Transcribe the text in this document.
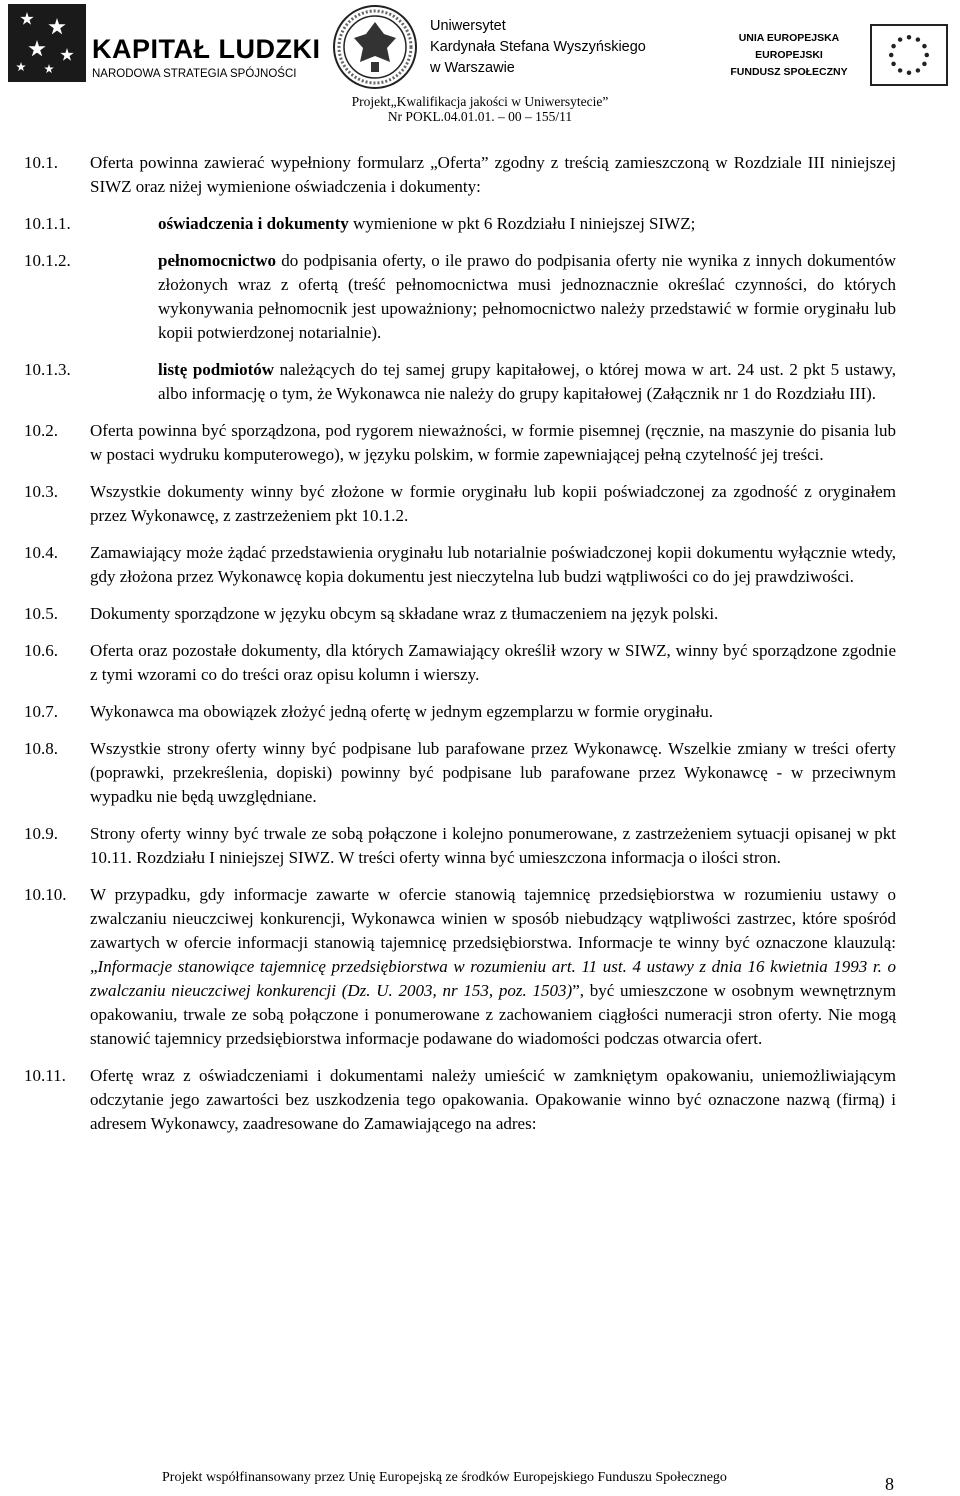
KAPITAŁ LUDZKI
NARODOWA STRATEGIA SPÓJNOŚCI
Uniwersytet
Kardynała Stefana Wyszyńskiego
w Warszawie
UNIA EUROPEJSKA
EUROPEJSKI
FUNDUSZ SPOŁECZNY
Projekt„Kwalifikacja jakości w Uniwersytecie”
Nr POKL.04.01.01. – 00 – 155/11
10.1. Oferta powinna zawierać wypełniony formularz „Oferta” zgodny z treścią zamieszczoną w Rozdziale III niniejszej SIWZ oraz niżej wymienione oświadczenia i dokumenty:
10.1.1.	oświadczenia i dokumenty wymienione w pkt 6 Rozdziału I niniejszej SIWZ;
10.1.2.	pełnomocnictwo do podpisania oferty, o ile prawo do podpisania oferty nie wynika z innych dokumentów złożonych wraz z ofertą (treść pełnomocnictwa musi jednoznacznie określać czynności, do których wykonywania pełnomocnik jest upoważniony; pełnomocnictwo należy przedstawić w formie oryginału lub kopii potwierdzonej notarialnie).
10.1.3.	listę podmiotów należących do tej samej grupy kapitałowej, o której mowa w art. 24 ust. 2 pkt 5 ustawy, albo informację o tym, że Wykonawca nie należy do grupy kapitałowej (Załącznik nr 1 do Rozdziału III).
10.2. Oferta powinna być sporządzona, pod rygorem nieważności, w formie pisemnej (ręcznie, na maszynie do pisania lub w postaci wydruku komputerowego), w języku polskim, w formie zapewniającej pełną czytelność jej treści.
10.3. Wszystkie dokumenty winny być złożone w formie oryginału lub kopii poświadczonej za zgodność z oryginałem przez Wykonawcę, z zastrzeżeniem pkt 10.1.2.
10.4. Zamawiający może żądać przedstawienia oryginału lub notarialnie poświadczonej kopii dokumentu wyłącznie wtedy, gdy złożona przez Wykonawcę kopia dokumentu jest nieczytelna lub budzi wątpliwości co do jej prawdziwości.
10.5. Dokumenty sporządzone w języku obcym są składane wraz z tłumaczeniem na język polski.
10.6. Oferta oraz pozostałe dokumenty, dla których Zamawiający określił wzory w SIWZ, winny być sporządzone zgodnie z tymi wzorami co do treści oraz opisu kolumn i wierszy.
10.7. Wykonawca ma obowiązek złożyć jedną ofertę w jednym egzemplarzu w formie oryginału.
10.8. Wszystkie strony oferty winny być podpisane lub parafowane przez Wykonawcę. Wszelkie zmiany w treści oferty (poprawki, przekreślenia, dopiski) powinny być podpisane lub parafowane przez Wykonawcę - w przeciwnym wypadku nie będą uwzględniane.
10.9. Strony oferty winny być trwale ze sobą połączone i kolejno ponumerowane, z zastrzeżeniem sytuacji opisanej w pkt 10.11. Rozdziału I niniejszej SIWZ. W treści oferty winna być umieszczona informacja o ilości stron.
10.10. W przypadku, gdy informacje zawarte w ofercie stanowią tajemnicę przedsiębiorstwa w rozumieniu ustawy o zwalczaniu nieuczciwej konkurencji, Wykonawca winien w sposób niebudzący wątpliwości zastrzec, które spośród zawartych w ofercie informacji stanowią tajemnicę przedsiębiorstwa. Informacje te winny być oznaczone klauzulą: „Informacje stanowiące tajemnicę przedsiębiorstwa w rozumieniu art. 11 ust. 4 ustawy z dnia 16 kwietnia 1993 r. o zwalczaniu nieuczciwej konkurencji (Dz. U. 2003, nr 153, poz. 1503)”, być umieszczone w osobnym wewnętrznym opakowaniu, trwale ze sobą połączone i ponumerowane z zachowaniem ciągłości numeracji stron oferty. Nie mogą stanowić tajemnicy przedsiębiorstwa informacje podawane do wiadomości podczas otwarcia ofert.
10.11. Ofertę wraz z oświadczeniami i dokumentami należy umieścić w zamkniętym opakowaniu, uniemożliwiającym odczytanie jego zawartości bez uszkodzenia tego opakowania. Opakowanie winno być oznaczone nazwą (firmą) i adresem Wykonawcy, zaadresowane do Zamawiającego na adres:
Projekt współfinansowany przez Unię Europejską ze środków Europejskiego Funduszu Społecznego	8
